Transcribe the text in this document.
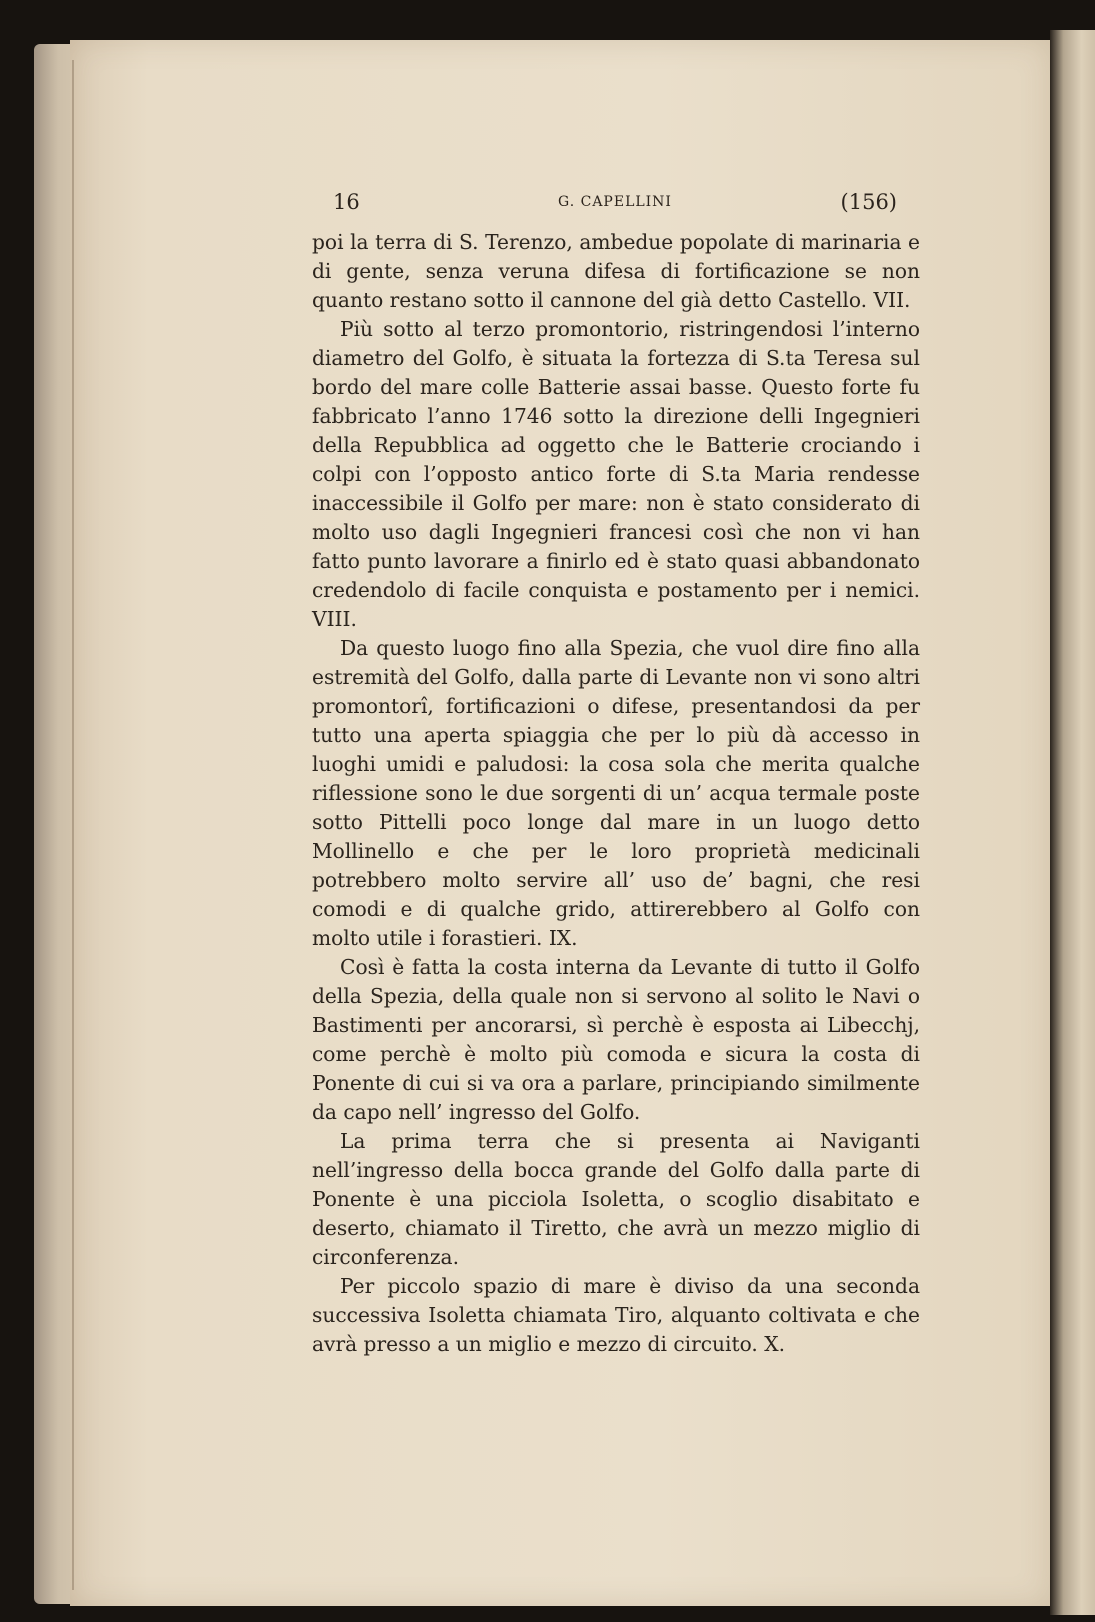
16	G. CAPELLINI	(156)

poi la terra di S. Terenzo, ambedue popolate di marinaria e di gente, senza veruna difesa di fortificazione se non quanto restano sotto il cannone del già detto Castello. VII.

Più sotto al terzo promontorio, ristringendosi l’interno diametro del Golfo, è situata la fortezza di S.ta Teresa sul bordo del mare colle Batterie assai basse. Questo forte fu fabbricato l’anno 1746 sotto la direzione delli Ingegnieri della Repubblica ad oggetto che le Batterie crociando i colpi con l’opposto antico forte di S.ta Maria rendesse inaccessibile il Golfo per mare: non è stato considerato di molto uso dagli Ingegnieri francesi così che non vi han fatto punto lavorare a finirlo ed è stato quasi abbandonato credendolo di facile conquista e postamento per i nemici. VIII.

Da questo luogo fino alla Spezia, che vuol dire fino alla estremità del Golfo, dalla parte di Levante non vi sono altri promontorî, fortificazioni o difese, presentandosi da per tutto una aperta spiaggia che per lo più dà accesso in luoghi umidi e paludosi: la cosa sola che merita qualche riflessione sono le due sorgenti di un’ acqua termale poste sotto Pittelli poco longe dal mare in un luogo detto Mollinello e che per le loro proprietà medicinali potrebbero molto servire all’ uso de’ bagni, che resi comodi e di qualche grido, attirerebbero al Golfo con molto utile i forastieri. IX.

Così è fatta la costa interna da Levante di tutto il Golfo della Spezia, della quale non si servono al solito le Navi o Bastimenti per ancorarsi, sì perchè è esposta ai Libecchj, come perchè è molto più comoda e sicura la costa di Ponente di cui si va ora a parlare, principiando similmente da capo nell’ ingresso del Golfo.

La prima terra che si presenta ai Naviganti nell’ingresso della bocca grande del Golfo dalla parte di Ponente è una picciola Isoletta, o scoglio disabitato e deserto, chiamato il Tiretto, che avrà un mezzo miglio di circonferenza.

Per piccolo spazio di mare è diviso da una seconda successiva Isoletta chiamata Tiro, alquanto coltivata e che avrà presso a un miglio e mezzo di circuito. X.
